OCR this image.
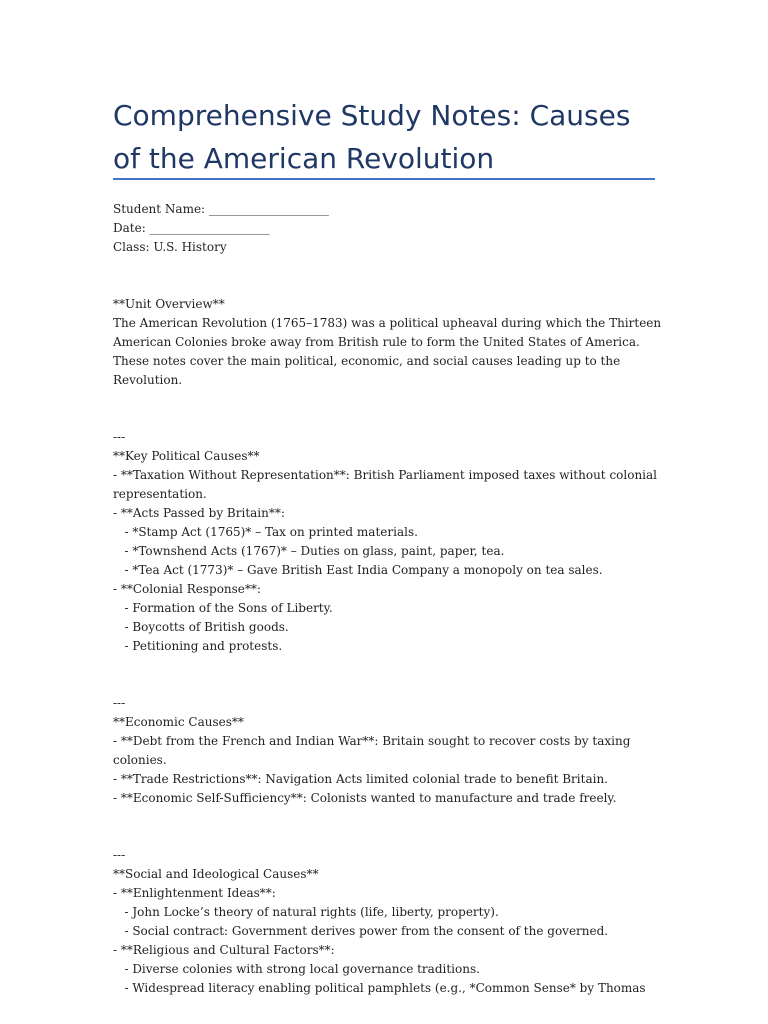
Comprehensive Study Notes: Causes of the American Revolution
Student Name: ____________________
Date: ____________________
Class: U.S. History
**Unit Overview**
The American Revolution (1765–1783) was a political upheaval during which the Thirteen American Colonies broke away from British rule to form the United States of America. These notes cover the main political, economic, and social causes leading up to the Revolution.
---
**Key Political Causes**
- **Taxation Without Representation**: British Parliament imposed taxes without colonial representation.
- **Acts Passed by Britain**:
- *Stamp Act (1765)* – Tax on printed materials.
- *Townshend Acts (1767)* – Duties on glass, paint, paper, tea.
- *Tea Act (1773)* – Gave British East India Company a monopoly on tea sales.
- **Colonial Response**:
- Formation of the Sons of Liberty.
- Boycotts of British goods.
- Petitioning and protests.
---
**Economic Causes**
- **Debt from the French and Indian War**: Britain sought to recover costs by taxing colonies.
- **Trade Restrictions**: Navigation Acts limited colonial trade to benefit Britain.
- **Economic Self-Sufficiency**: Colonists wanted to manufacture and trade freely.
---
**Social and Ideological Causes**
- **Enlightenment Ideas**:
- John Locke’s theory of natural rights (life, liberty, property).
- Social contract: Government derives power from the consent of the governed.
- **Religious and Cultural Factors**:
- Diverse colonies with strong local governance traditions.
- Widespread literacy enabling political pamphlets (e.g., *Common Sense* by Thomas
